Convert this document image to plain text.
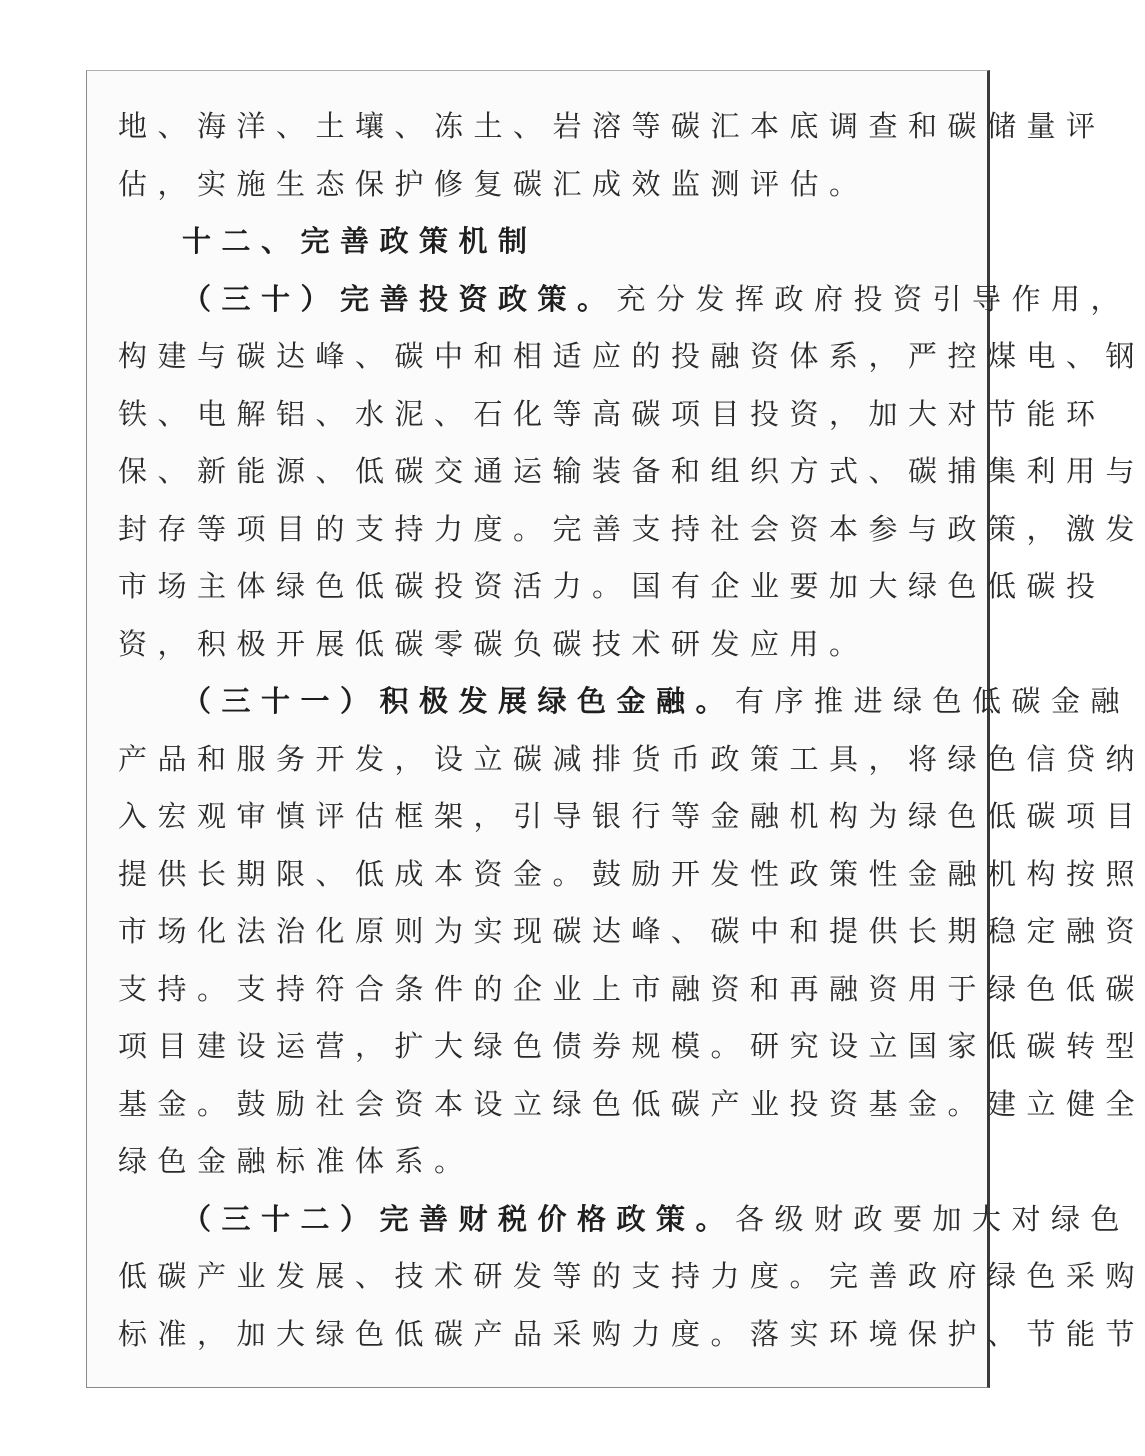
地、海洋、土壤、冻土、岩溶等碳汇本底调查和碳储量评
估，实施生态保护修复碳汇成效监测评估。
十二、完善政策机制
（三十）完善投资政策。充分发挥政府投资引导作用，
构建与碳达峰、碳中和相适应的投融资体系，严控煤电、钢
铁、电解铝、水泥、石化等高碳项目投资，加大对节能环
保、新能源、低碳交通运输装备和组织方式、碳捕集利用与
封存等项目的支持力度。完善支持社会资本参与政策，激发
市场主体绿色低碳投资活力。国有企业要加大绿色低碳投
资，积极开展低碳零碳负碳技术研发应用。
（三十一）积极发展绿色金融。有序推进绿色低碳金融
产品和服务开发，设立碳减排货币政策工具，将绿色信贷纳
入宏观审慎评估框架，引导银行等金融机构为绿色低碳项目
提供长期限、低成本资金。鼓励开发性政策性金融机构按照
市场化法治化原则为实现碳达峰、碳中和提供长期稳定融资
支持。支持符合条件的企业上市融资和再融资用于绿色低碳
项目建设运营，扩大绿色债券规模。研究设立国家低碳转型
基金。鼓励社会资本设立绿色低碳产业投资基金。建立健全
绿色金融标准体系。
（三十二）完善财税价格政策。各级财政要加大对绿色
低碳产业发展、技术研发等的支持力度。完善政府绿色采购
标准，加大绿色低碳产品采购力度。落实环境保护、节能节
